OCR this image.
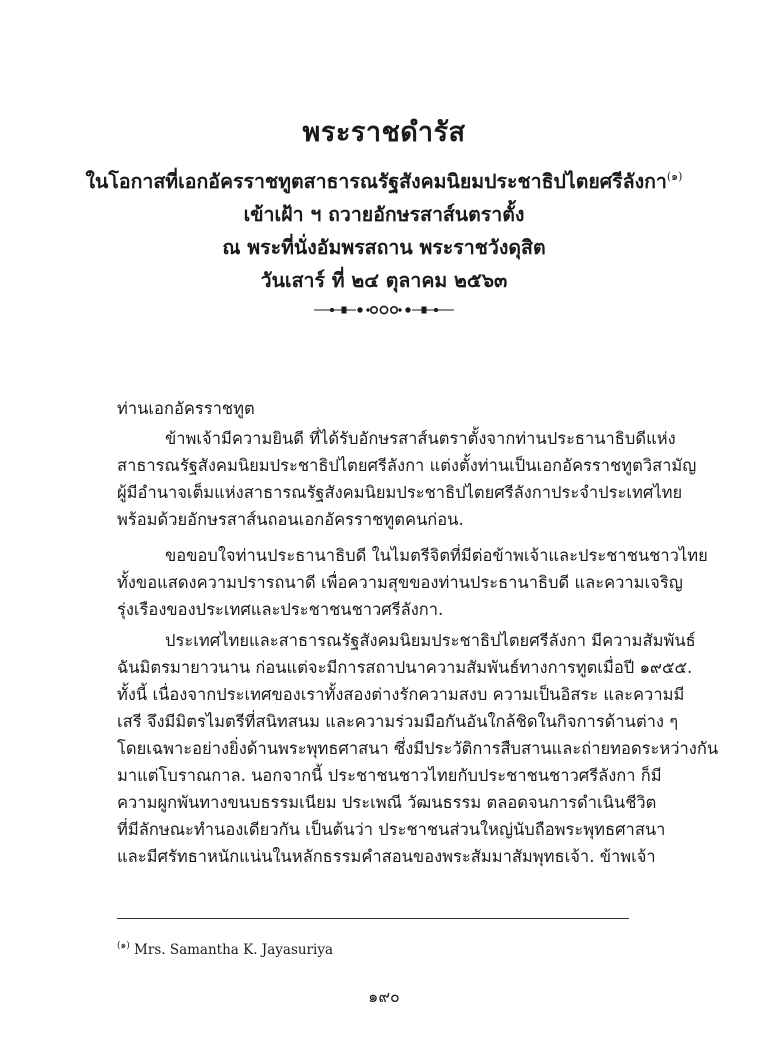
พระราชดำรัส
ในโอกาสที่เอกอัครราชทูตสาธารณรัฐสังคมนิยมประชาธิปไตยศรีลังกา$^{(๑)}$
เข้าเฝ้า ฯ ถวายอักษรสาส์นตราตั้ง
ณ พระที่นั่งอัมพรสถาน พระราชวังดุสิต
วันเสาร์ ที่ ๒๔ ตุลาคม ๒๕๖๓
ท่านเอกอัครราชทูต
ข้าพเจ้ามีความยินดี ที่ได้รับอักษรสาส์นตราตั้งจากท่านประธานาธิบดีแห่ง
สาธารณรัฐสังคมนิยมประชาธิปไตยศรีลังกา แต่งตั้งท่านเป็นเอกอัครราชทูตวิสามัญ
ผู้มีอำนาจเต็มแห่งสาธารณรัฐสังคมนิยมประชาธิปไตยศรีลังกาประจำประเทศไทย
พร้อมด้วยอักษรสาส์นถอนเอกอัครราชทูตคนก่อน.
ขอขอบใจท่านประธานาธิบดี ในไมตรีจิตที่มีต่อข้าพเจ้าและประชาชนชาวไทย
ทั้งขอแสดงความปรารถนาดี เพื่อความสุขของท่านประธานาธิบดี และความเจริญ
รุ่งเรืองของประเทศและประชาชนชาวศรีลังกา.
ประเทศไทยและสาธารณรัฐสังคมนิยมประชาธิปไตยศรีลังกา มีความสัมพันธ์
ฉันมิตรมายาวนาน ก่อนแต่จะมีการสถาปนาความสัมพันธ์ทางการทูตเมื่อปี ๑๙๕๕.
ทั้งนี้ เนื่องจากประเทศของเราทั้งสองต่างรักความสงบ ความเป็นอิสระ และความมี
เสรี จึงมีมิตรไมตรีที่สนิทสนม และความร่วมมือกันอันใกล้ชิดในกิจการด้านต่าง ๆ
โดยเฉพาะอย่างยิ่งด้านพระพุทธศาสนา ซึ่งมีประวัติการสืบสานและถ่ายทอดระหว่างกัน
มาแต่โบราณกาล. นอกจากนี้ ประชาชนชาวไทยกับประชาชนชาวศรีลังกา ก็มี
ความผูกพันทางขนบธรรมเนียม ประเพณี วัฒนธรรม ตลอดจนการดำเนินชีวิต
ที่มีลักษณะทำนองเดียวกัน เป็นต้นว่า ประชาชนส่วนใหญ่นับถือพระพุทธศาสนา
และมีศรัทธาหนักแน่นในหลักธรรมคำสอนของพระสัมมาสัมพุทธเจ้า. ข้าพเจ้า
$^{(๑)}$ Mrs. Samantha K. Jayasuriya
๑๙๐
